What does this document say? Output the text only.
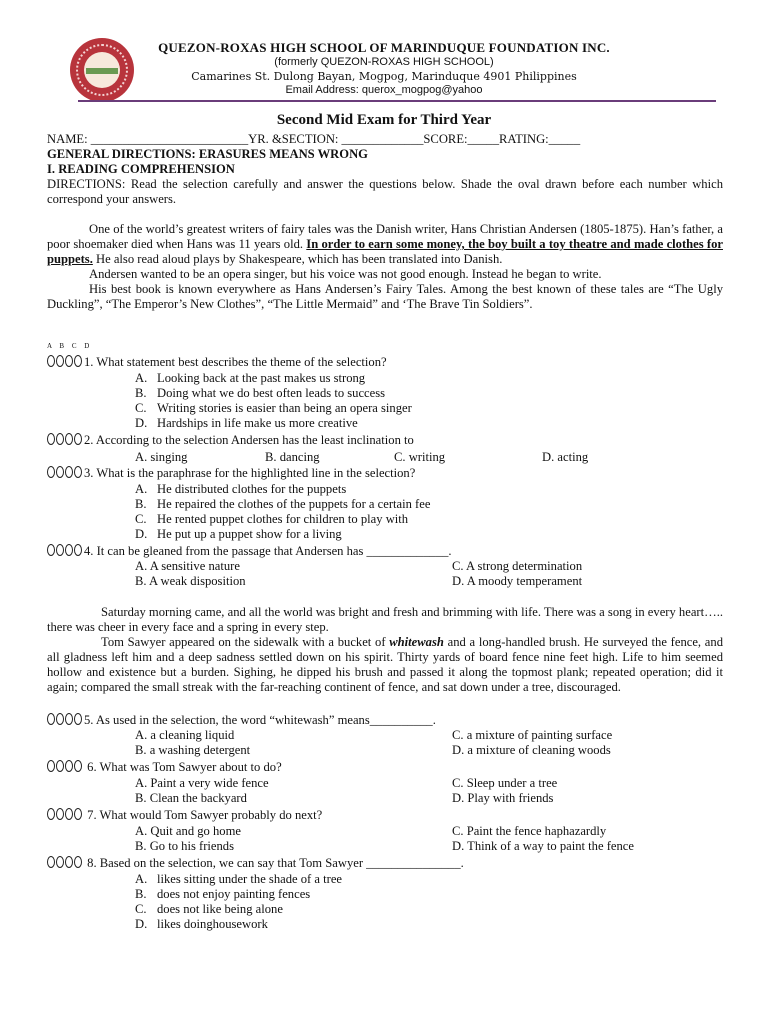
QUEZON-ROXAS HIGH SCHOOL OF MARINDUQUE FOUNDATION INC.
(formerly QUEZON-ROXAS HIGH SCHOOL)
Camarines St. Dulong Bayan, Mogpog, Marinduque 4901 Philippines
Email Address: querox_mogpog@yahoo
Second Mid Exam for Third Year
NAME: _________________________YR. &SECTION: _____________SCORE:_____RATING:_____
GENERAL DIRECTIONS: ERASURES MEANS WRONG
I. READING COMPREHENSION
DIRECTIONS: Read the selection carefully and answer the questions below. Shade the oval drawn before each number which correspond your answers.

One of the world’s greatest writers of fairy tales was the Danish writer, Hans Christian Andersen (1805-1875). Han’s father, a poor shoemaker died when Hans was 11 years old. In order to earn some money, the boy built a toy theatre and made clothes for puppets. He also read aloud plays by Shakespeare, which has been translated into Danish.

Andersen wanted to be an opera singer, but his voice was not good enough. Instead he began to write.

His best book is known everywhere as Hans Andersen’s Fairy Tales. Among the best known of these tales are “The Ugly Duckling”, “The Emperor’s New Clothes”, “The Little Mermaid” and ‘The Brave Tin Soldiers”.

A B C D
1. What statement best describes the theme of the selection?
A. Looking back at the past makes us strong
B. Doing what we do best often leads to success
C. Writing stories is easier than being an opera singer
D. Hardships in life make us more creative
2. According to the selection Andersen has the least inclination to
A. singing	B. dancing	C. writing	D. acting
3. What is the paraphrase for the highlighted line in the selection?
A. He distributed clothes for the puppets
B. He repaired the clothes of the puppets for a certain fee
C. He rented puppet clothes for children to play with
D. He put up a puppet show for a living
4. It can be gleaned from the passage that Andersen has _____________.
A. A sensitive nature	C. A strong determination
B. A weak disposition	D. A moody temperament

Saturday morning came, and all the world was bright and fresh and brimming with life. There was a song in every heart….. there was cheer in every face and a spring in every step.

Tom Sawyer appeared on the sidewalk with a bucket of whitewash and a long-handled brush. He surveyed the fence, and all gladness left him and a deep sadness settled down on his spirit. Thirty yards of board fence nine feet high. Life to him seemed hollow and existence but a burden. Sighing, he dipped his brush and passed it along the topmost plank; repeated operation; did it again; compared the small streak with the far-reaching continent of fence, and sat down under a tree, discouraged.

5. As used in the selection, the word “whitewash” means__________.
A. a cleaning liquid	C. a mixture of painting surface
B. a washing detergent	D. a mixture of cleaning woods
6. What was Tom Sawyer about to do?
A. Paint a very wide fence	C. Sleep under a tree
B. Clean the backyard	D. Play with friends
7. What would Tom Sawyer probably do next?
A. Quit and go home	C. Paint the fence haphazardly
B. Go to his friends	D. Think of a way to paint the fence
8. Based on the selection, we can say that Tom Sawyer _______________.
A. likes sitting under the shade of a tree
B. does not enjoy painting fences
C. does not like being alone
D. likes doinghousework
